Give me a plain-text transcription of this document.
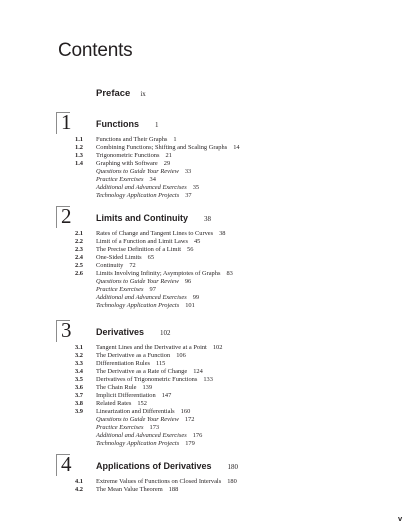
Contents
Preface ix
1	Functions 1
1.1 Functions and Their Graphs 1
1.2 Combining Functions; Shifting and Scaling Graphs 14
1.3 Trigonometric Functions 21
1.4 Graphing with Software 29
Questions to Guide Your Review 33
Practice Exercises 34
Additional and Advanced Exercises 35
Technology Application Projects 37
2	Limits and Continuity 38
2.1 Rates of Change and Tangent Lines to Curves 38
2.2 Limit of a Function and Limit Laws 45
2.3 The Precise Definition of a Limit 56
2.4 One-Sided Limits 65
2.5 Continuity 72
2.6 Limits Involving Infinity; Asymptotes of Graphs 83
Questions to Guide Your Review 96
Practice Exercises 97
Additional and Advanced Exercises 99
Technology Application Projects 101
3	Derivatives 102
3.1 Tangent Lines and the Derivative at a Point 102
3.2 The Derivative as a Function 106
3.3 Differentiation Rules 115
3.4 The Derivative as a Rate of Change 124
3.5 Derivatives of Trigonometric Functions 133
3.6 The Chain Rule 139
3.7 Implicit Differentiation 147
3.8 Related Rates 152
3.9 Linearization and Differentials 160
Questions to Guide Your Review 172
Practice Exercises 173
Additional and Advanced Exercises 176
Technology Application Projects 179
4	Applications of Derivatives 180
4.1 Extreme Values of Functions on Closed Intervals 180
4.2 The Mean Value Theorem 188
v
